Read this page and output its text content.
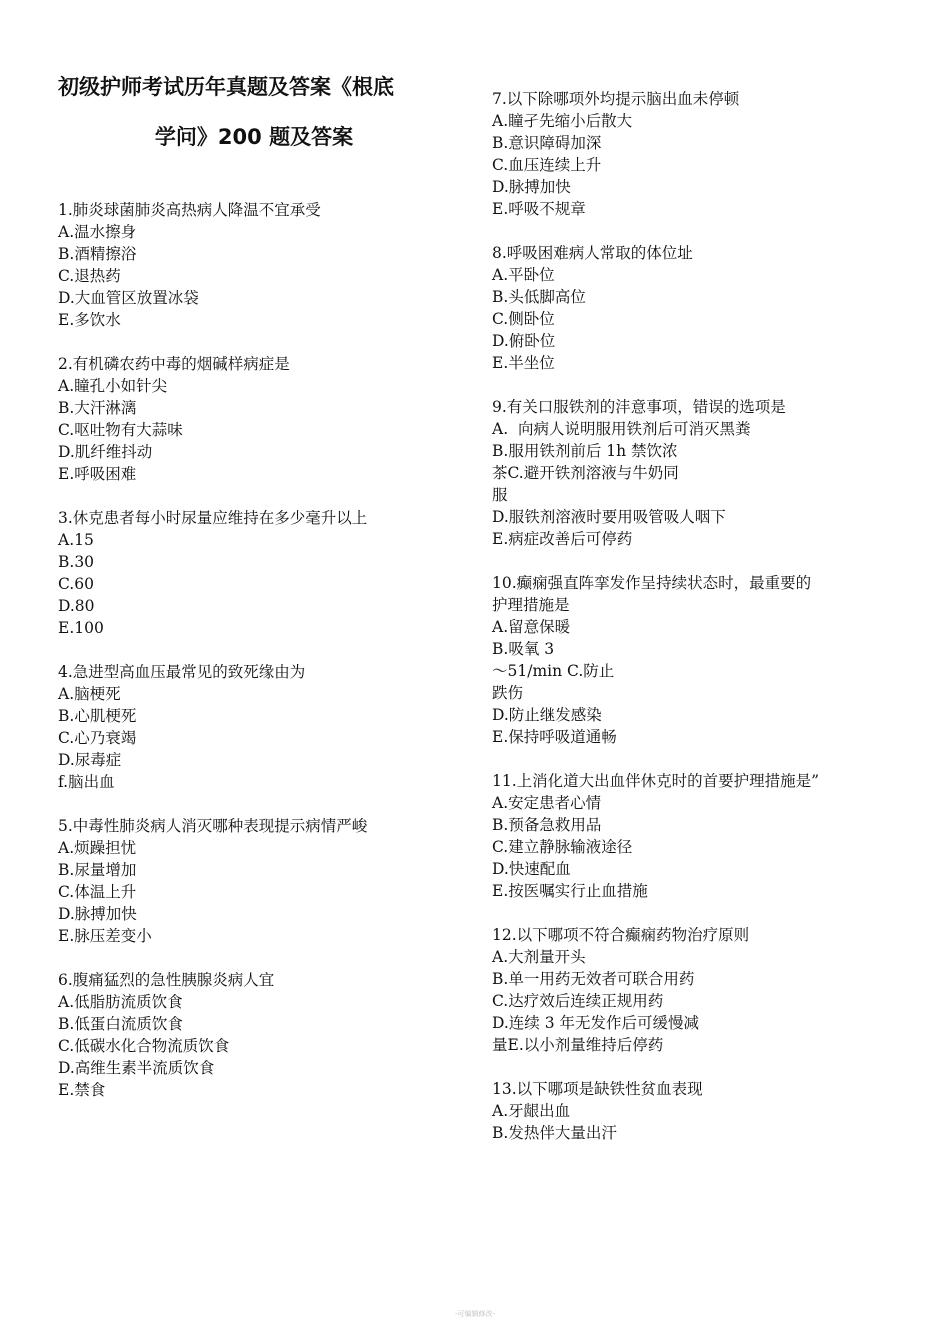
初级护师考试历年真题及答案《根底
学问》200 题及答案
1.肺炎球菌肺炎高热病人降温不宜承受
A.温水擦身
B.酒精擦浴
C.退热药
D.大血管区放置冰袋
E.多饮水
2.有机磷农药中毒的烟碱样病症是
A.瞳孔小如针尖
B.大汗淋漓
C.呕吐物有大蒜味
D.肌纤维抖动
E.呼吸困难
3.休克患者每小时尿量应维持在多少毫升以上
A.15
B.30
C.60
D.80
E.100
4.急进型高血压最常见的致死缘由为
A.脑梗死
B.心肌梗死
C.心乃衰竭
D.尿毒症
f.脑出血
5.中毒性肺炎病人消灭哪种表现提示病情严峻
A.烦躁担忧
B.尿量增加
C.体温上升
D.脉搏加快
E.脉压差变小
6.腹痛猛烈的急性胰腺炎病人宜
A.低脂肪流质饮食
B.低蛋白流质饮食
C.低碳水化合物流质饮食
D.高维生素半流质饮食
E.禁食
7.以下除哪项外均提示脑出血未停顿
A.瞳孑先缩小后散大
B.意识障碍加深
C.血压连续上升
D.脉搏加快
E.呼吸不规章
8.呼吸困难病人常取的体位址
A.平卧位
B.头低脚高位
C.侧卧位
D.俯卧位
E.半坐位
9.有关口服铁剂的沣意事项，错误的选项是
A.  向病人说明服用铁剂后可消灭黑粪
B.服用铁剂前后 1h 禁饮浓
茶C.避开铁剂溶液与牛奶同
服
D.服铁剂溶液时要用吸管吸人咽下
E.病症改善后可停药
10.癫痫强直阵挛发作呈持续状态时，最重要的
护理措施是
A.留意保暖
B.吸氧 3
～51/min C.防止
跌伤
D.防止继发感染
E.保持呼吸道通畅
11.上消化道大出血伴休克时的首要护理措施是”
A.安定患者心情
B.预备急救用品
C.建立静脉输液途径
D.快速配血
E.按医嘱实行止血措施
12.以下哪项不符合癫痫药物治疗原则
A.大剂量开头
B.单一用药无效者可联合用药
C.达疗效后连续正规用药
D.连续 3 年无发作后可缓慢减
量E.以小剂量维持后停药
13.以下哪项是缺铁性贫血表现
A.牙龈出血
B.发热伴大量出汗
-可编辑修改-
